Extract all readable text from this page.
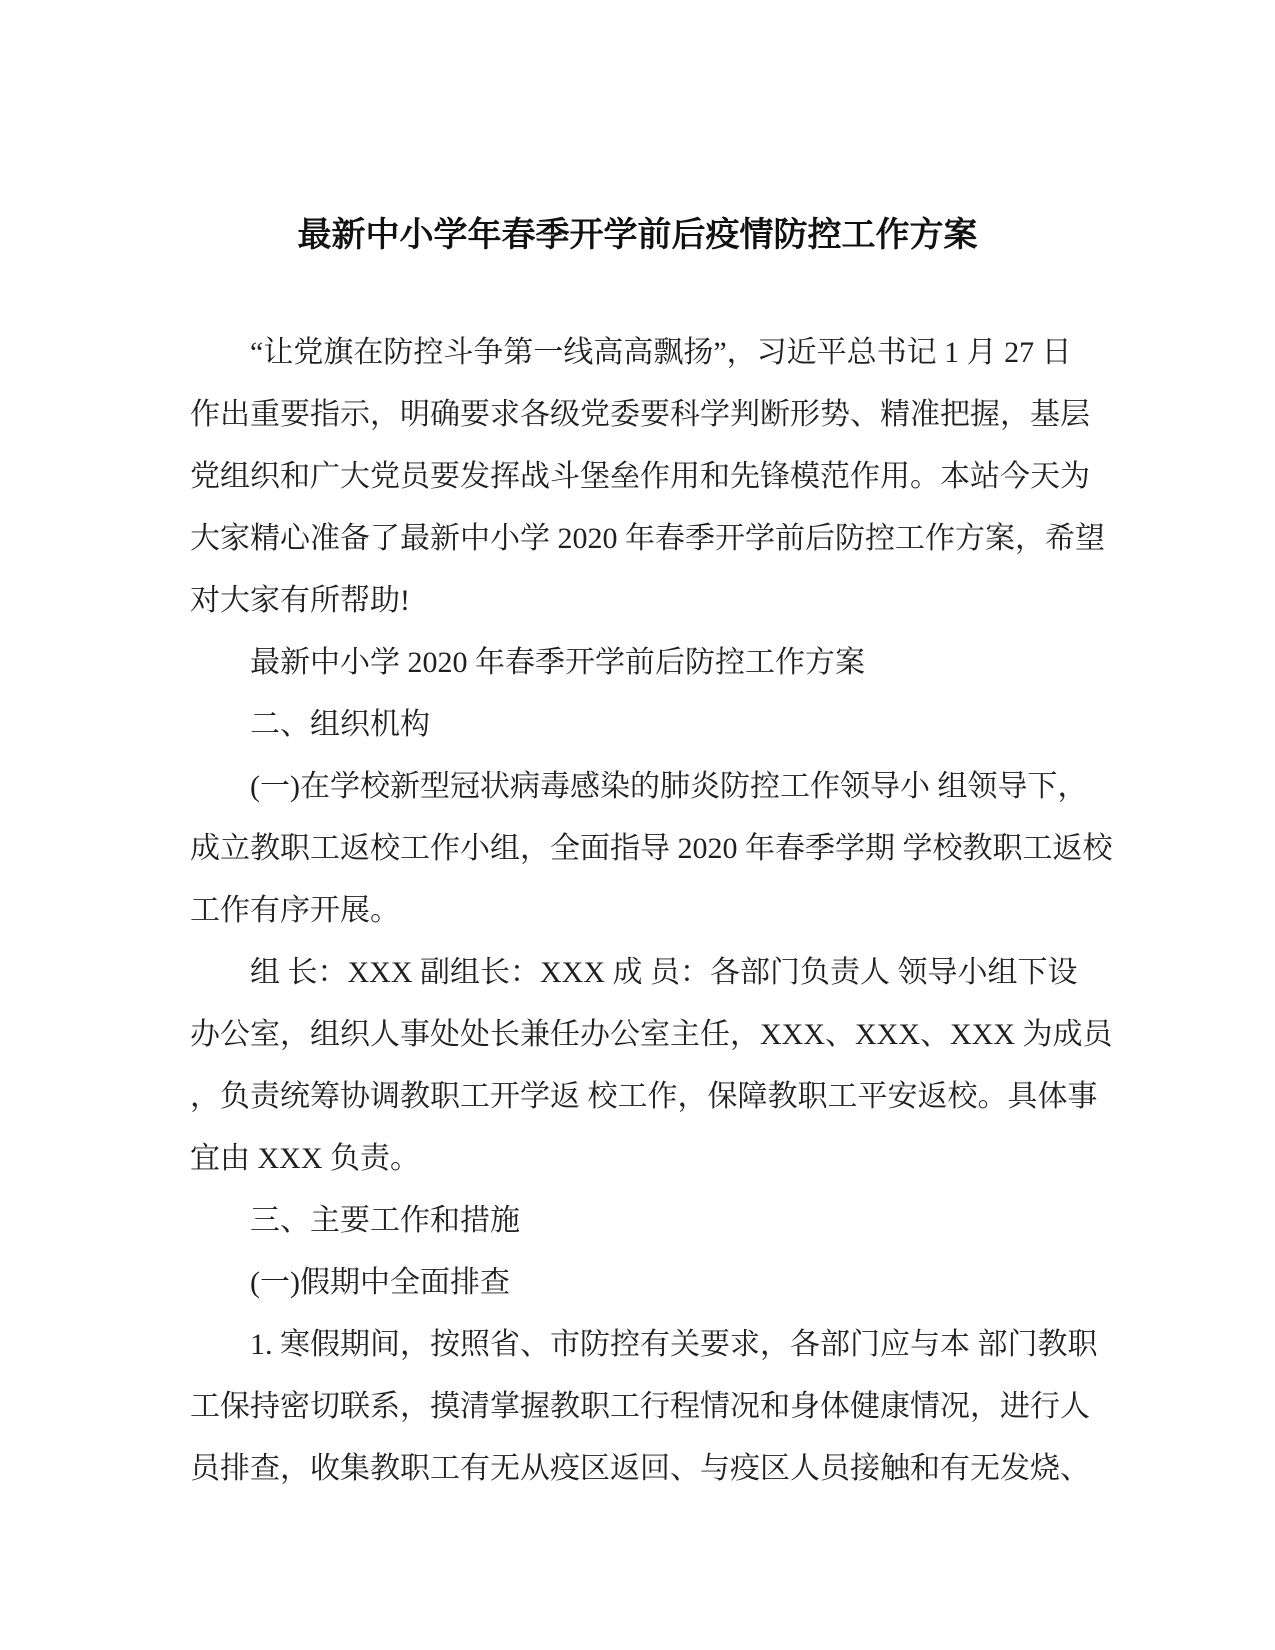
最新中小学年春季开学前后疫情防控工作方案
“让党旗在防控斗争第一线高高飘扬”，习近平总书记 1 月 27 日
作出重要指示，明确要求各级党委要科学判断形势、精准把握，基层
党组织和广大党员要发挥战斗堡垒作用和先锋模范作用。本站今天为
大家精心准备了最新中小学 2020 年春季开学前后防控工作方案，希望
对大家有所帮助!
最新中小学 2020 年春季开学前后防控工作方案
二、组织机构
(一)在学校新型冠状病毒感染的肺炎防控工作领导小 组领导下，
成立教职工返校工作小组，全面指导 2020 年春季学期 学校教职工返校
工作有序开展。
组 长：XXX 副组长：XXX 成 员：各部门负责人 领导小组下设
办公室，组织人事处处长兼任办公室主任，XXX、XXX、XXX 为成员
，负责统筹协调教职工开学返 校工作，保障教职工平安返校。具体事
宜由 XXX 负责。
三、主要工作和措施
(一)假期中全面排查
1. 寒假期间，按照省、市防控有关要求，各部门应与本 部门教职
工保持密切联系，摸清掌握教职工行程情况和身体健康情况，进行人
员排查，收集教职工有无从疫区返回、与疫区人员接触和有无发烧、
